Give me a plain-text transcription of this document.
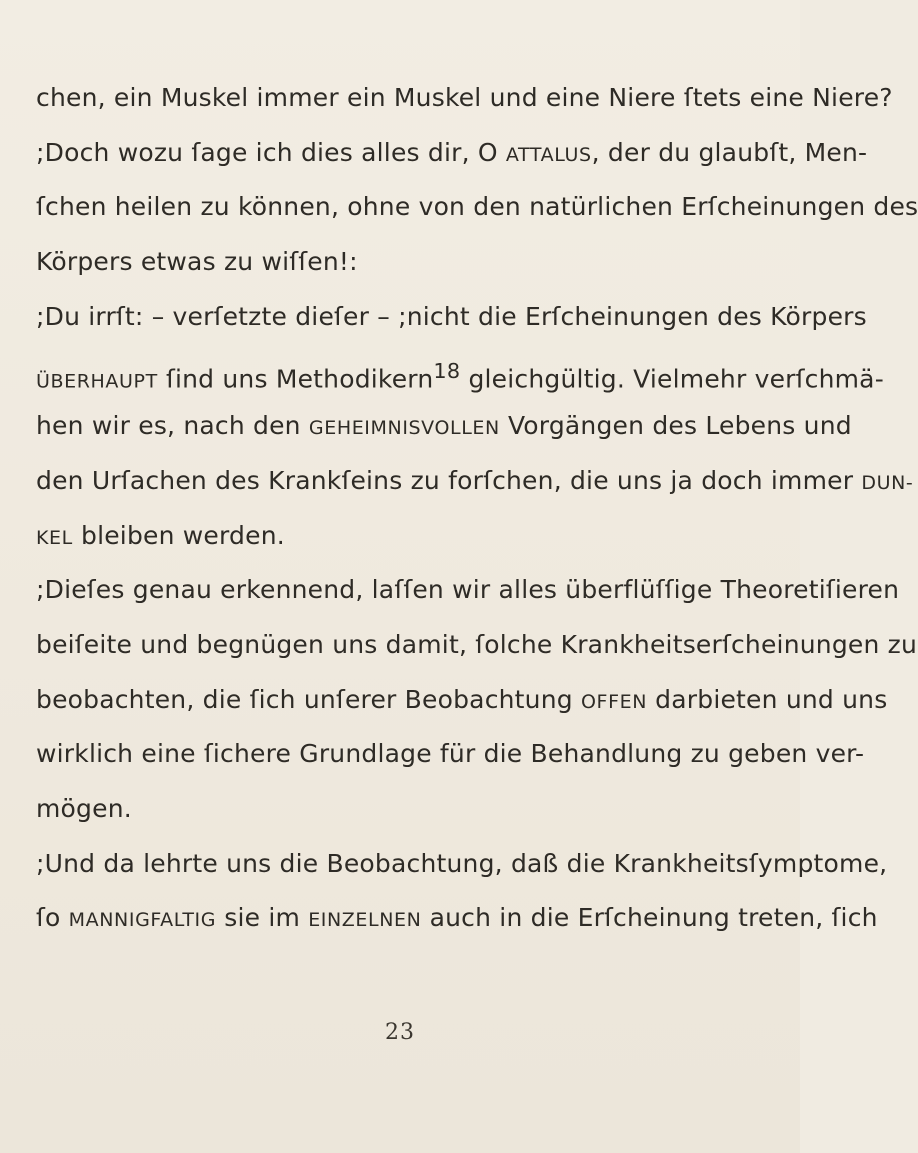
chen, ein Muskel immer ein Muskel und eine Niere ſtets eine Niere?
;Doch wozu ſage ich dies alles dir, O ATTALUS, der du glaubſt, Men-
ſchen heilen zu können, ohne von den natürlichen Erſcheinungen des
Körpers etwas zu wiſſen!:
;Du irrſt: – verſetzte dieſer – ;nicht die Erſcheinungen des Körpers
ÜBERHAUPT ſind uns Methodikern$^{18}$ gleichgültig. Vielmehr verſchmä-
hen wir es, nach den GEHEIMNISVOLLEN Vorgängen des Lebens und
den Urſachen des Krankſeins zu forſchen, die uns ja doch immer DUN-
KEL bleiben werden.
;Dieſes genau erkennend, laſſen wir alles überflüſſige Theoretiſieren
beiſeite und begnügen uns damit, ſolche Krankheitserſcheinungen zu
beobachten, die ſich unſerer Beobachtung OFFEN darbieten und uns
wirklich eine ſichere Grundlage für die Behandlung zu geben ver-
mögen.
;Und da lehrte uns die Beobachtung, daß die Krankheitsſymptome,
ſo MANNIGFALTIG sie im EINZELNEN auch in die Erſcheinung treten, ſich
23
